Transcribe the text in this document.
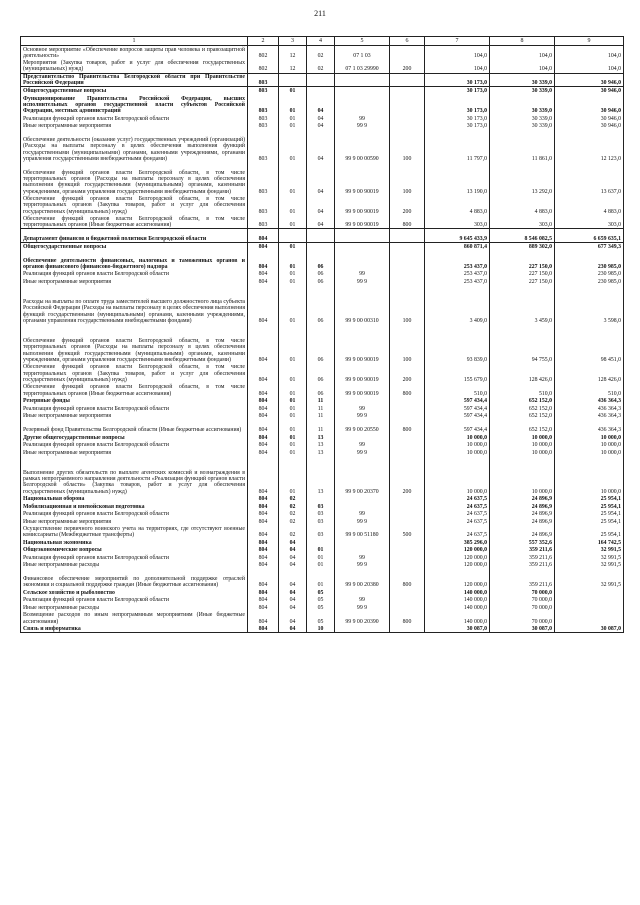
211
1	2	3	4	5	6	7	8	9
Основное мероприятие «Обеспечение вопросов защиты прав человека и правозащитной деятельности»	802	12	02	07 1 03		104,0	104,0	104,0
Мероприятия (Закупка товаров, работ и услуг для обеспечения государственных (муниципальных) нужд)	802	12	02	07 1 03 29990	200	104,0	104,0	104,0
Представительство Правительства Белгородской области при Правительстве Российской Федерации	803					30 173,0	30 339,0	30 946,0
Общегосударственные вопросы	803	01				30 173,0	30 339,0	30 946,0
Функционирование Правительства Российской Федерации, высших исполнительных органов государственной власти субъектов Российской Федерации, местных администраций	803	01	04			30 173,0	30 339,0	30 946,0
Реализация функций органов власти Белгородской области	803	01	04	99		30 173,0	30 339,0	30 946,0
Иные непрограммные мероприятия	803	01	04	99 9		30 173,0	30 339,0	30 946,0
Обеспечение деятельности (оказание услуг) государственных учреждений (организаций) (Расходы на выплаты персоналу в целях обеспечения выполнения функций государственными (муниципальными) органами, казенными учреждениями, органами управления государственными внебюджетными фондами)	803	01	04	99 9 00 00590	100	11 797,0	11 861,0	12 123,0
Обеспечение функций органов власти Белгородской области, в том числе территориальных органов (Расходы на выплаты персоналу в целях обеспечения выполнения функций государственными (муниципальными) органами, казенными учреждениями, органами управления государственными внебюджетными фондами)	803	01	04	99 9 00 90019	100	13 190,0	13 292,0	13 637,0
Обеспечение функций органов власти Белгородской области, в том числе территориальных органов (Закупка товаров, работ и услуг для обеспечения государственных (муниципальных) нужд)	803	01	04	99 9 00 90019	200	4 883,0	4 883,0	4 883,0
Обеспечение функций органов власти Белгородской области, в том числе территориальных органов (Иные бюджетные ассигнования)	803	01	04	99 9 00 90019	800	303,0	303,0	303,0
Департамент финансов и бюджетной политики Белгородской области	804					9 645 433,9	8 546 082,5	6 659 635,1
Общегосударственные вопросы	804	01				860 871,4	889 302,0	677 349,3
Обеспечение деятельности финансовых, налоговых и таможенных органов и органов финансового (финансово-бюджетного) надзора	804	01	06			253 437,0	227 150,0	230 985,0
Реализация функций органов власти Белгородской области	804	01	06	99		253 437,0	227 150,0	230 985,0
Иные непрограммные мероприятия	804	01	06	99 9		253 437,0	227 150,0	230 985,0
Расходы на выплаты по оплате труда заместителей высшего должностного лица субъекта Российской Федерации (Расходы на выплаты персоналу в целях обеспечения выполнения функций государственными (муниципальными) органами, казенными учреждениями, органами управления государственными внебюджетными фондами)	804	01	06	99 9 00 00310	100	3 409,0	3 459,0	3 598,0
Обеспечение функций органов власти Белгородской области, в том числе территориальных органов (Расходы на выплаты персоналу в целях обеспечения выполнения функций государственными (муниципальными) органами, казенными учреждениями, органами управления государственными внебюджетными фондами)	804	01	06	99 9 00 90019	100	93 839,0	94 755,0	98 451,0
Обеспечение функций органов власти Белгородской области, в том числе территориальных органов (Закупка товаров, работ и услуг для обеспечения государственных (муниципальных) нужд)	804	01	06	99 9 00 90019	200	155 679,0	128 426,0	128 426,0
Обеспечение функций органов власти Белгородской области, в том числе территориальных органов (Иные бюджетные ассигнования)	804	01	06	99 9 00 90019	800	510,0	510,0	510,0
Резервные фонды	804	01	11			597 434,4	652 152,0	436 364,3
Реализация функций органов власти Белгородской области	804	01	11	99		597 434,4	652 152,0	436 364,3
Иные непрограммные мероприятия	804	01	11	99 9		597 434,4	652 152,0	436 364,3
Резервный фонд Правительства Белгородской области (Иные бюджетные ассигнования)	804	01	11	99 9 00 20550	800	597 434,4	652 152,0	436 364,3
Другие общегосударственные вопросы	804	01	13			10 000,0	10 000,0	10 000,0
Реализация функций органов власти Белгородской области	804	01	13	99		10 000,0	10 000,0	10 000,0
Иные непрограммные мероприятия	804	01	13	99 9		10 000,0	10 000,0	10 000,0
Выполнение других обязательств по выплате агентских комиссий и вознаграждения в рамках непрограммного направления деятельности «Реализация функций органов власти Белгородской области» (Закупка товаров, работ и услуг для обеспечения государственных (муниципальных) нужд)	804	01	13	99 9 00 20370	200	10 000,0	10 000,0	10 000,0
Национальная оборона	804	02				24 637,5	24 896,9	25 954,1
Мобилизационная и вневойсковая подготовка	804	02	03			24 637,5	24 896,9	25 954,1
Реализация функций органов власти Белгородской области	804	02	03	99		24 637,5	24 896,9	25 954,1
Иные непрограммные мероприятия	804	02	03	99 9		24 637,5	24 896,9	25 954,1
Осуществление первичного воинского учета на территориях, где отсутствуют военные комиссариаты (Межбюджетные трансферты)	804	02	03	99 9 00 51180	500	24 637,5	24 896,9	25 954,1
Национальная экономика	804	04				385 296,0	557 352,6	164 742,5
Общеэкономические вопросы	804	04	01			120 000,0	359 211,6	32 991,5
Реализация функций органов власти Белгородской области	804	04	01	99		120 000,0	359 211,6	32 991,5
Иные непрограммные расходы	804	04	01	99 9		120 000,0	359 211,6	32 991,5
Финансовое обеспечение мероприятий по дополнительной поддержке отраслей экономики и социальной поддержке граждан (Иные бюджетные ассигнования)	804	04	01	99 9 00 20380	800	120 000,0	359 211,6	32 991,5
Сельское хозяйство и рыболовство	804	04	05			140 000,0	70 000,0	
Реализация функций органов власти Белгородской области	804	04	05	99		140 000,0	70 000,0	
Иные непрограммные расходы	804	04	05	99 9		140 000,0	70 000,0	
Возмещение расходов по иным непрограммным мероприятиям (Иные бюджетные ассигнования)	804	04	05	99 9 00 20390	800	140 000,0	70 000,0	
Связь и информатика	804	04	10			30 087,0	30 087,0	30 087,0
